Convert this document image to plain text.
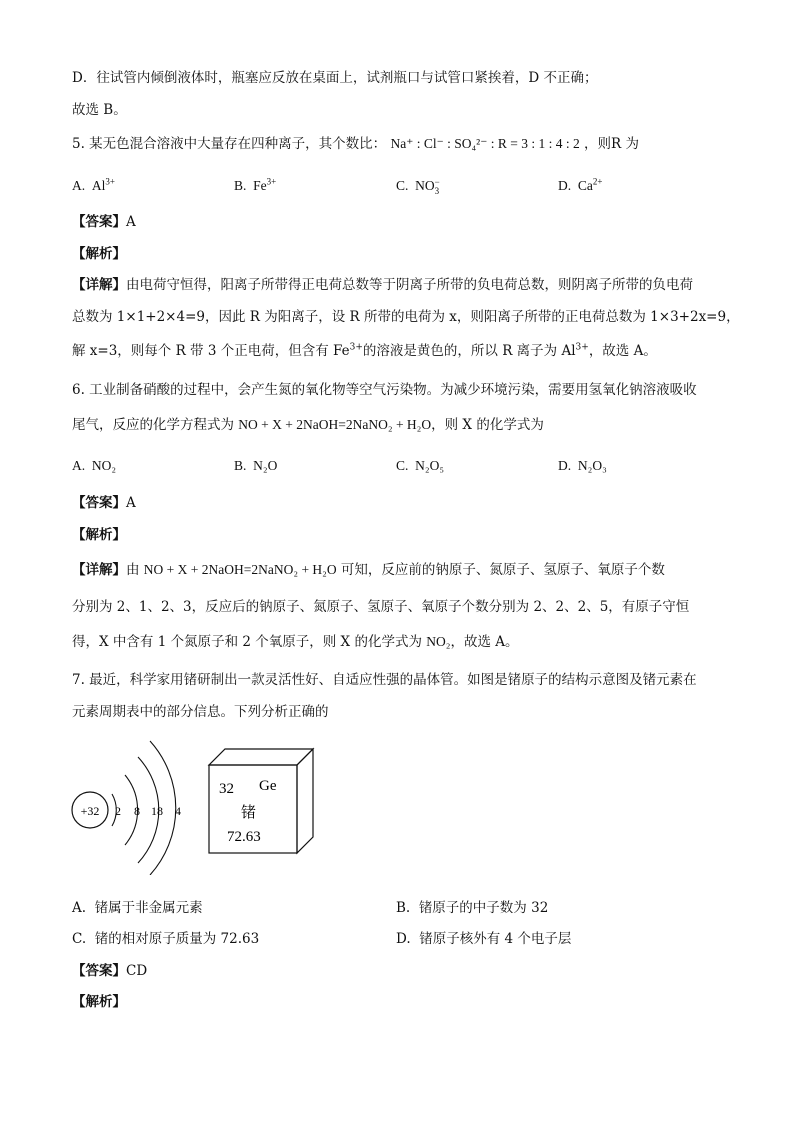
D．往试管内倾倒液体时，瓶塞应反放在桌面上，试剂瓶口与试管口紧挨着，D 不正确；
故选 B。
5. 某无色混合溶液中大量存在四种离子，其个数比： Na⁺ : Cl⁻ : SO₄²⁻ : R = 3 : 1 : 4 : 2 ，则R 为
A. $Al^{3+}$	B. $Fe^{3+}$	C. NO −
3	D. $Ca^{2+}$
【答案】A
【解析】
【详解】由电荷守恒得，阳离子所带得正电荷总数等于阴离子所带的负电荷总数，则阴离子所带的负电荷
总数为 1×1+2×4=9，因此 R 为阳离子，设 R 所带的电荷为 x，则阳离子所带的正电荷总数为 1×3+2x=9，
解 x=3，则每个 R 带 3 个正电荷，但含有 $Fe^{3+}$的溶液是黄色的，所以 R 离子为 $Al^{3+}$，故选 A。
6. 工业制备硝酸的过程中，会产生氮的氧化物等空气污染物。为减少环境污染，需要用氢氧化钠溶液吸收
尾气，反应的化学方程式为 NO + X + 2NaOH=2NaNO₂ + H₂O，则 X 的化学式为
A. NO₂	B. N₂O	C. N₂O₅	D. N₂O₃
【答案】A
【解析】
【详解】由 NO + X + 2NaOH=2NaNO₂ + H₂O 可知，反应前的钠原子、氮原子、氢原子、氧原子个数
分别为 2、1、2、3，反应后的钠原子、氮原子、氢原子、氧原子个数分别为 2、2、2、5，有原子守恒
得，X 中含有 1 个氮原子和 2 个氧原子，则 X 的化学式为 NO₂，故选 A。
7. 最近，科学家用锗研制出一款灵活性好、自适应性强的晶体管。如图是锗原子的结构示意图及锗元素在
元素周期表中的部分信息。下列分析正确的
+32 2 8 18 4
32 Ge
锗
72.63
A. 锗属于非金属元素	B. 锗原子的中子数为 32
C. 锗的相对原子质量为 72.63	D. 锗原子核外有 4 个电子层
【答案】CD
【解析】
